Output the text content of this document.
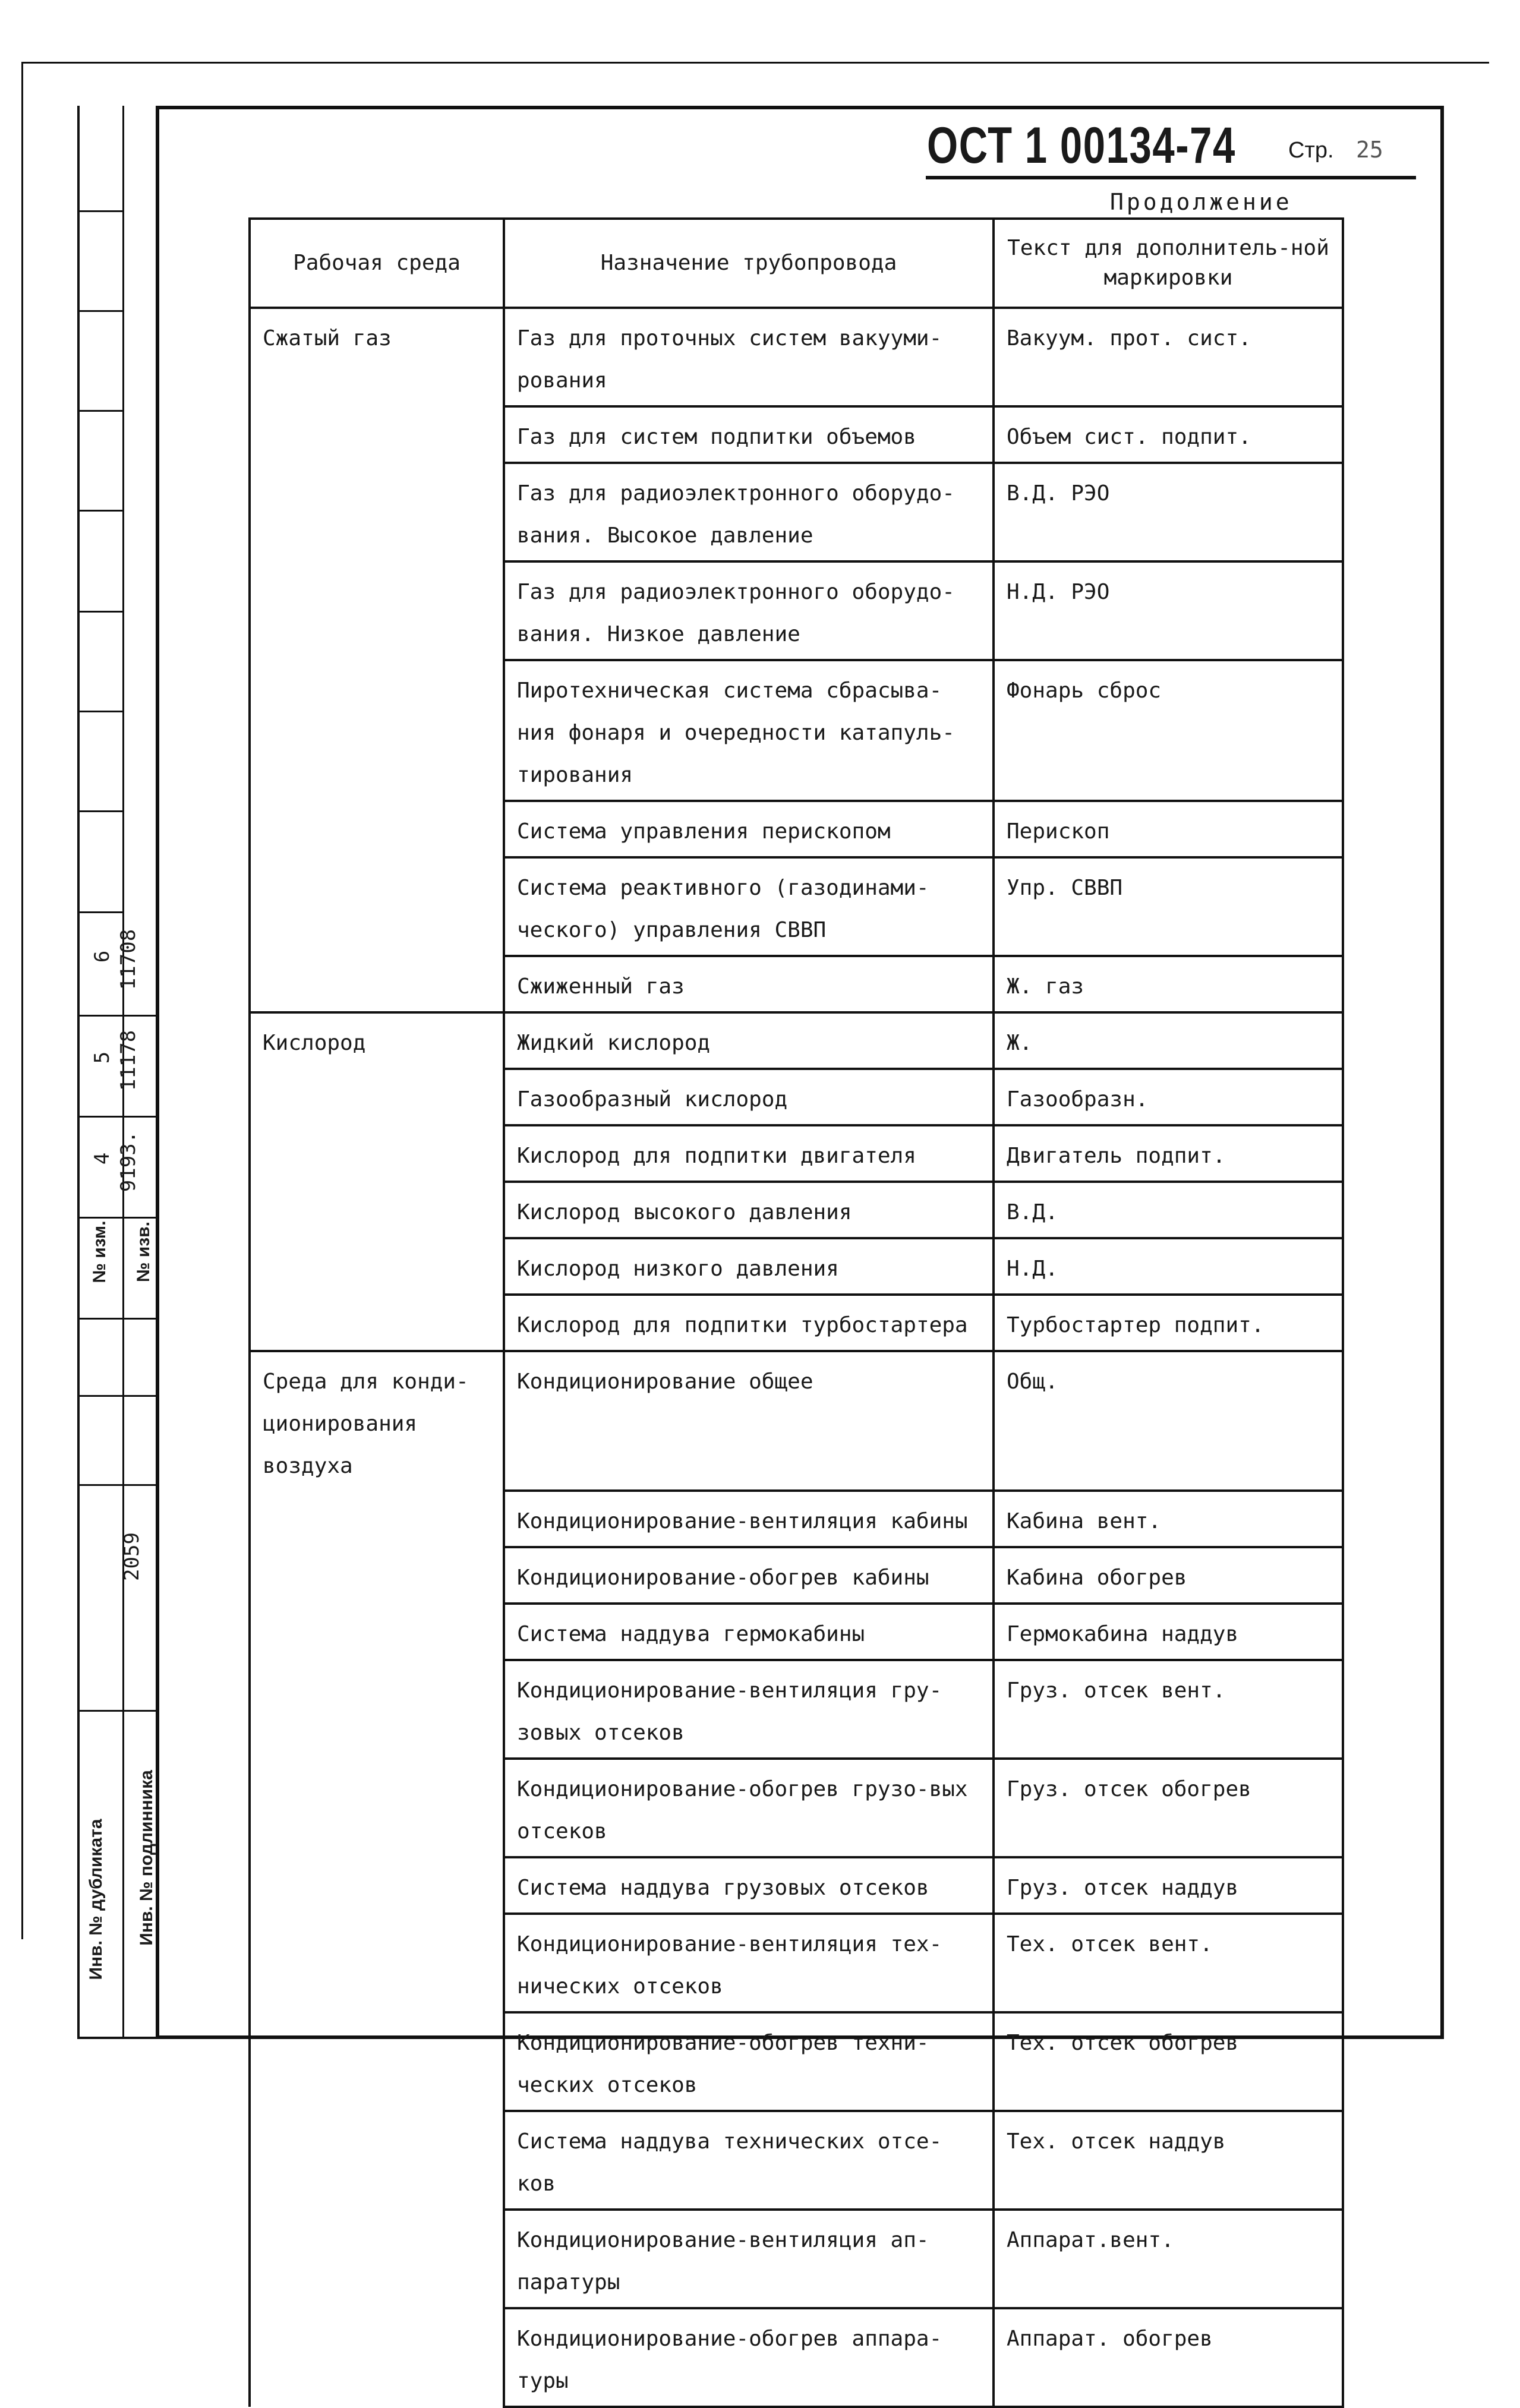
6 11708
5 11178
4 9193.
№ изм. № изв.
2059
Инв. № дубликата Инв. № подлинника
ОСТ 1 00134-74 Стр. 25
Продолжение
Рабочая среда	Назначение трубопровода	Текст для дополнитель-ной маркировки
Сжатый газ	Газ для проточных систем вакууми-рования	Вакуум. прот. сист.
	Газ для систем подпитки объемов	Объем сист. подпит.
	Газ для радиоэлектронного оборудо-вания. Высокое давление	В.Д. РЭО
	Газ для радиоэлектронного оборудо-вания. Низкое давление	Н.Д. РЭО
	Пиротехническая система сбрасыва-ния фонаря и очередности катапуль-тирования	Фонарь сброс
	Система управления перископом	Перископ
	Система реактивного (газодинами-ческого) управления СВВП	Упр. СВВП
	Сжиженный газ	Ж. газ
Кислород	Жидкий кислород	Ж.
	Газообразный кислород	Газообразн.
	Кислород для подпитки двигателя	Двигатель подпит.
	Кислород высокого давления	В.Д.
	Кислород низкого давления	Н.Д.
	Кислород для подпитки турбостартера	Турбостартер подпит.
Среда для конди-ционирования воздуха	Кондиционирование общее	Общ.
	Кондиционирование-вентиляция кабины	Кабина вент.
	Кондиционирование-обогрев кабины	Кабина обогрев
	Система наддува гермокабины	Гермокабина наддув
	Кондиционирование-вентиляция гру-зовых отсеков	Груз. отсек вент.
	Кондиционирование-обогрев грузо-вых отсеков	Груз. отсек обогрев
	Система наддува грузовых отсеков	Груз. отсек наддув
	Кондиционирование-вентиляция тех-нических отсеков	Тех. отсек вент.
	Кондиционирование-обогрев техни-ческих отсеков	Тех. отсек обогрев
	Система наддува технических отсе-ков	Тех. отсек наддув
	Кондиционирование-вентиляция ап-паратуры	Аппарат.вент.
	Кондиционирование-обогрев аппара-туры	Аппарат. обогрев
